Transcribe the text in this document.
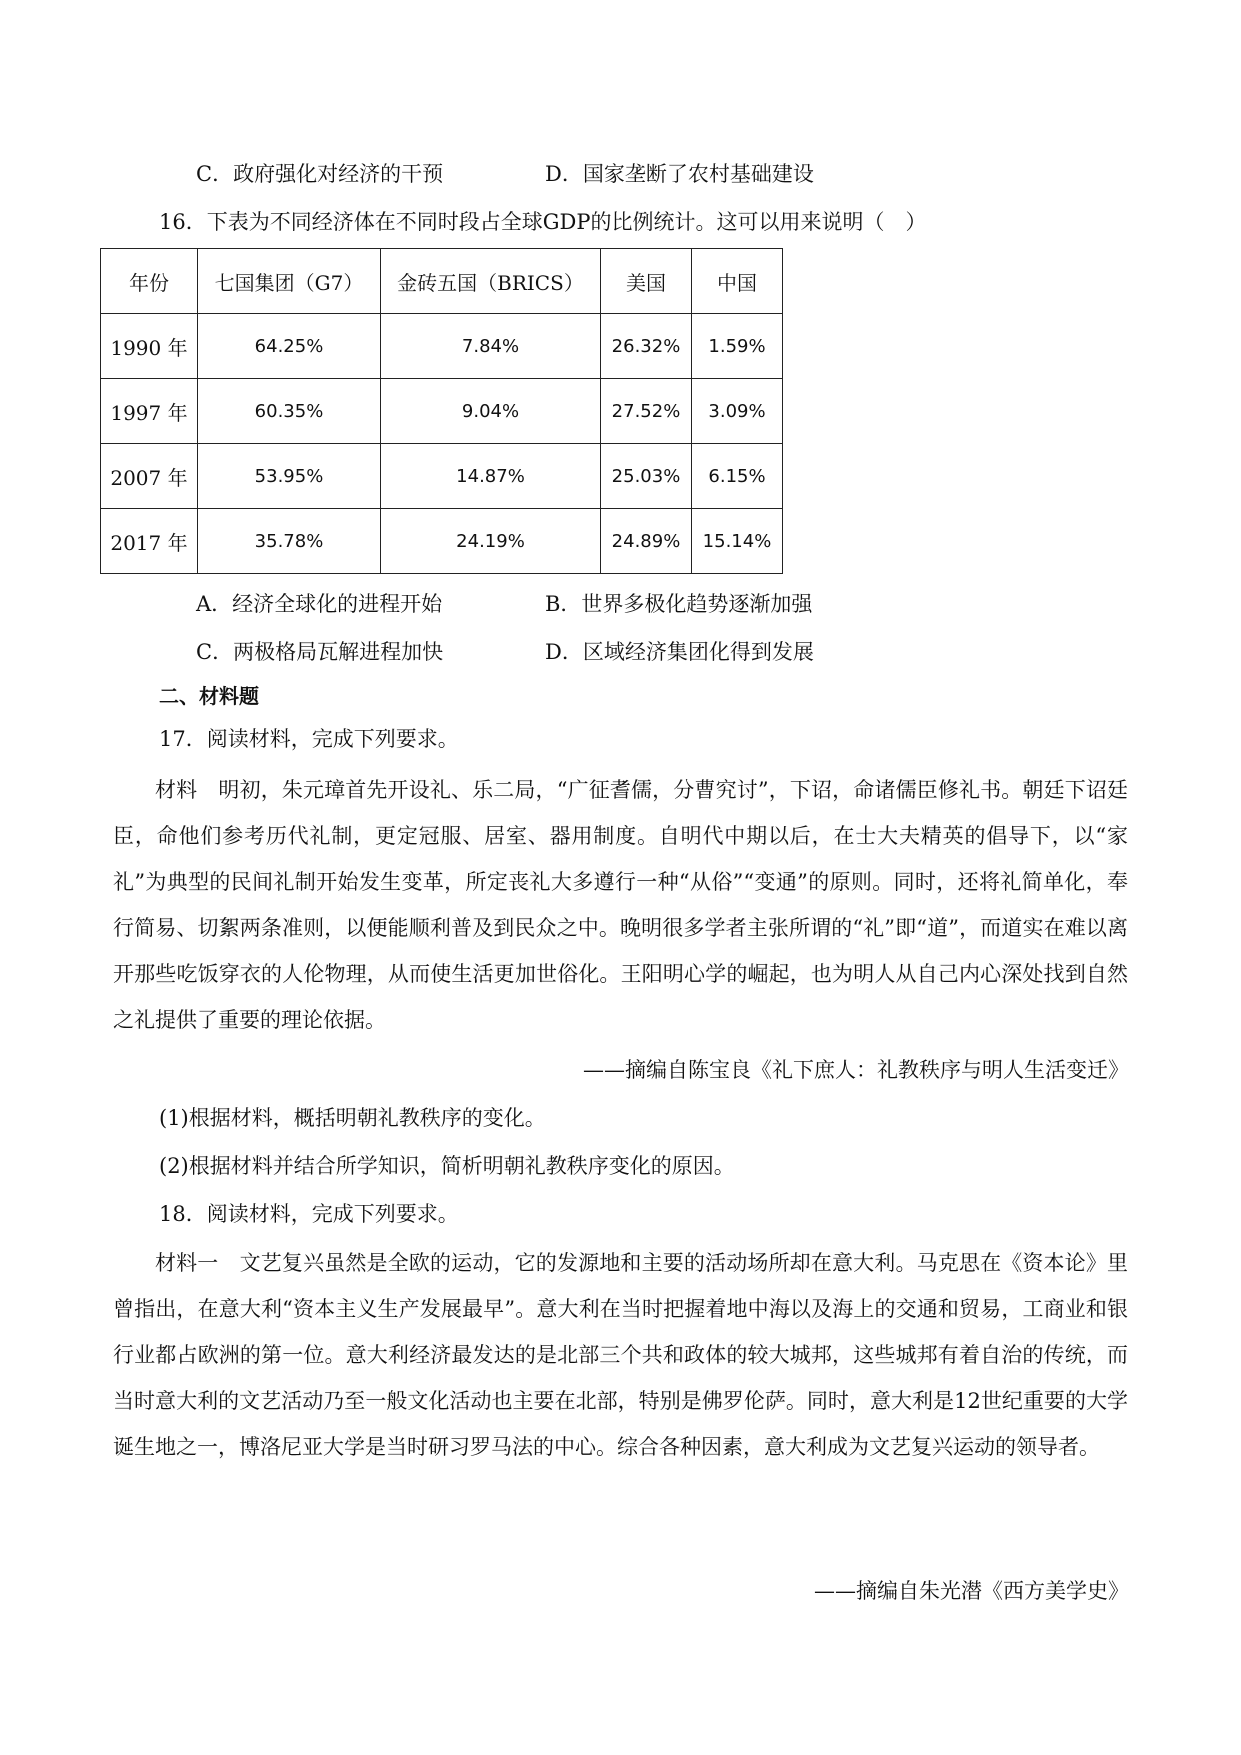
C．政府强化对经济的干预	D．国家垄断了农村基础建设
16．下表为不同经济体在不同时段占全球GDP的比例统计。这可以用来说明（　）
年份	七国集团（G7）	金砖五国（BRICS）	美国	中国
1990 年	64.25%	7.84%	26.32%	1.59%
1997 年	60.35%	9.04%	27.52%	3.09%
2007 年	53.95%	14.87%	25.03%	6.15%
2017 年	35.78%	24.19%	24.89%	15.14%
A．经济全球化的进程开始	B．世界多极化趋势逐渐加强
C．两极格局瓦解进程加快	D．区域经济集团化得到发展
二、材料题
17．阅读材料，完成下列要求。

材料　明初，朱元璋首先开设礼、乐二局，“广征耆儒，分曹究讨”，下诏，命诸儒臣修礼书。朝廷下诏廷臣，命他们参考历代礼制，更定冠服、居室、器用制度。自明代中期以后，在士大夫精英的倡导下，以“家礼”为典型的民间礼制开始发生变革，所定丧礼大多遵行一种“从俗”“变通”的原则。同时，还将礼简单化，奉行简易、切絮两条准则，以便能顺利普及到民众之中。晚明很多学者主张所谓的“礼”即“道”，而道实在难以离开那些吃饭穿衣的人伦物理，从而使生活更加世俗化。王阳明心学的崛起，也为明人从自己内心深处找到自然之礼提供了重要的理论依据。

——摘编自陈宝良《礼下庶人：礼教秩序与明人生活变迁》
(1)根据材料，概括明朝礼教秩序的变化。
(2)根据材料并结合所学知识，简析明朝礼教秩序变化的原因。
18．阅读材料，完成下列要求。

材料一　文艺复兴虽然是全欧的运动，它的发源地和主要的活动场所却在意大利。马克思在《资本论》里曾指出，在意大利“资本主义生产发展最早”。意大利在当时把握着地中海以及海上的交通和贸易，工商业和银行业都占欧洲的第一位。意大利经济最发达的是北部三个共和政体的较大城邦，这些城邦有着自治的传统，而当时意大利的文艺活动乃至一般文化活动也主要在北部，特别是佛罗伦萨。同时，意大利是12世纪重要的大学诞生地之一，博洛尼亚大学是当时研习罗马法的中心。综合各种因素，意大利成为文艺复兴运动的领导者。

——摘编自朱光潜《西方美学史》
